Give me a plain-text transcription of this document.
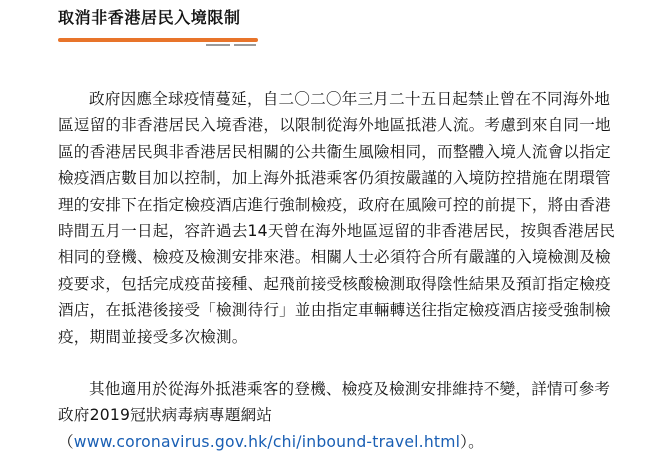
取消非香港居民入境限制

政府因應全球疫情蔓延，自二〇二〇年三月二十五日起禁止曾在不同海外地區逗留的非香港居民入境香港，以限制從海外地區抵港人流。考慮到來自同一地區的香港居民與非香港居民相關的公共衞生風險相同，而整體入境人流會以指定檢疫酒店數目加以控制，加上海外抵港乘客仍須按嚴謹的入境防控措施在閉環管理的安排下在指定檢疫酒店進行強制檢疫，政府在風險可控的前提下，將由香港時間五月一日起，容許過去14天曾在海外地區逗留的非香港居民，按與香港居民相同的登機、檢疫及檢測安排來港。相關人士必須符合所有嚴謹的入境檢測及檢疫要求，包括完成疫苗接種、起飛前接受核酸檢測取得陰性結果及預訂指定檢疫酒店，在抵港後接受「檢測待行」並由指定車輛轉送往指定檢疫酒店接受強制檢疫，期間並接受多次檢測。

其他適用於從海外抵港乘客的登機、檢疫及檢測安排維持不變，詳情可參考政府2019冠狀病毒病專題網站
（www.coronavirus.gov.hk/chi/inbound-travel.html）。
